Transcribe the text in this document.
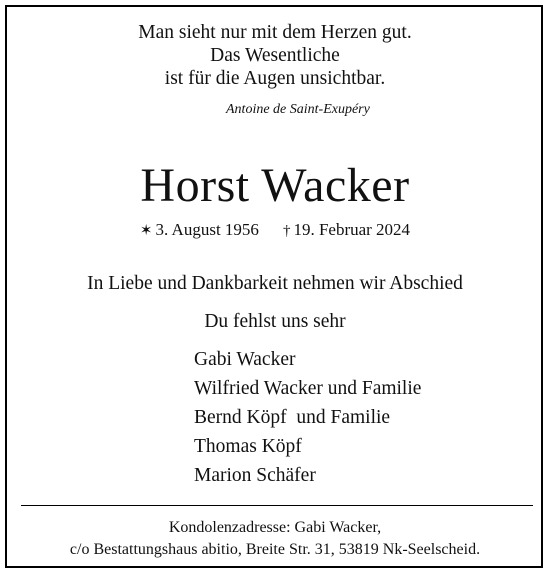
Man sieht nur mit dem Herzen gut.
Das Wesentliche
ist für die Augen unsichtbar.
Antoine de Saint-Exupéry
Horst Wacker
✶ 3. August 1956 † 19. Februar 2024
In Liebe und Dankbarkeit nehmen wir Abschied
Du fehlst uns sehr
Gabi Wacker
Wilfried Wacker und Familie
Bernd Köpf  und Familie
Thomas Köpf
Marion Schäfer
Kondolenzadresse: Gabi Wacker,
c/o Bestattungshaus abitio, Breite Str. 31, 53819 Nk-Seelscheid.
